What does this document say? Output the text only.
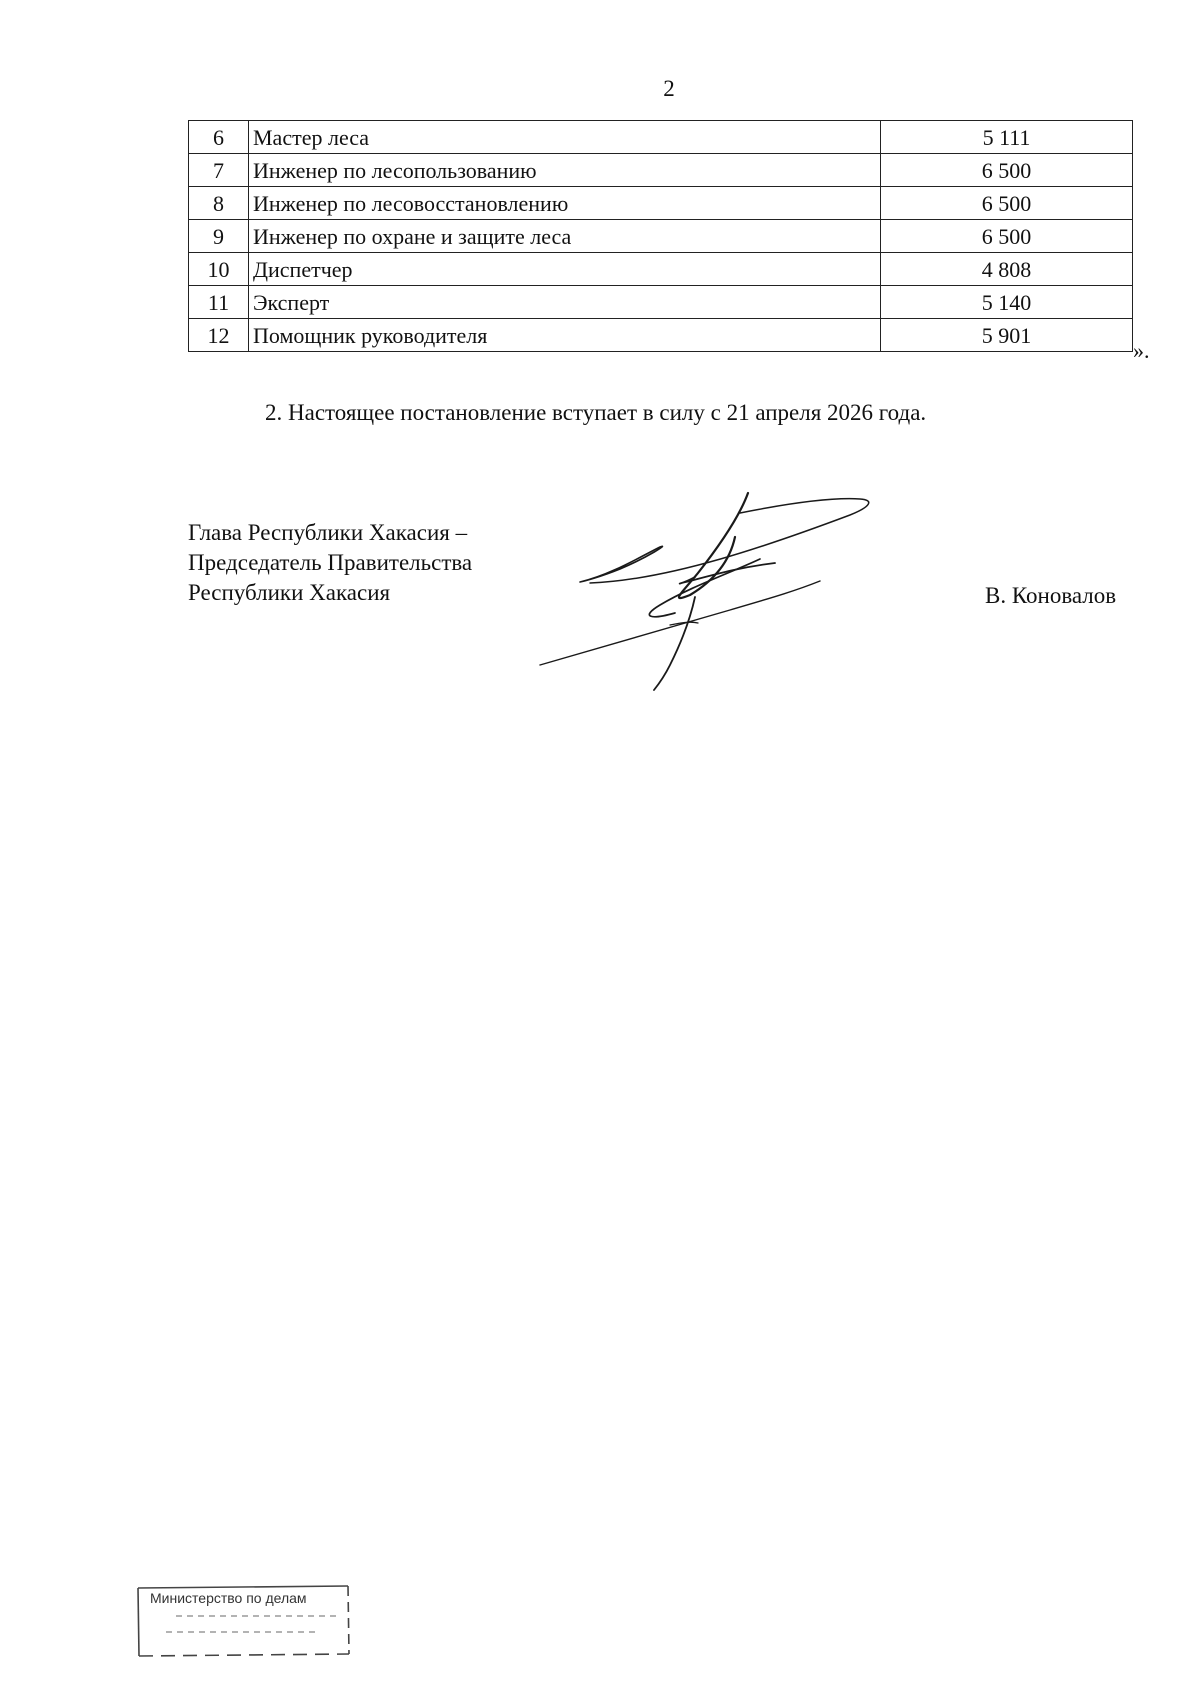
2
6	Мастер леса	5 111
7	Инженер по лесопользованию	6 500
8	Инженер по лесовосстановлению	6 500
9	Инженер по охране и защите леса	6 500
10	Диспетчер	4 808
11	Эксперт	5 140
12	Помощник руководителя	5 901
».
2. Настоящее постановление вступает в силу с 21 апреля 2026 года.
Глава Республики Хакасия –
Председатель Правительства
Республики Хакасия	В. Коновалов
Министерство по делам
